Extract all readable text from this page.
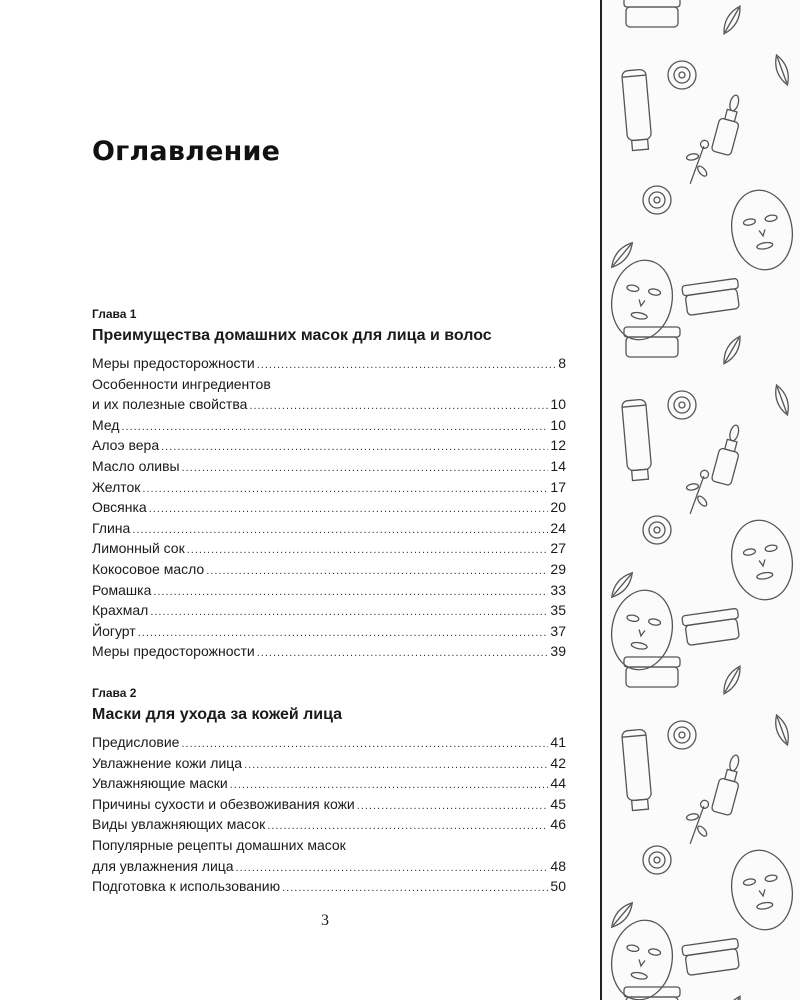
Оглавление
Глава 1
Преимущества домашних масок для лица и волос
Меры предосторожности .....	8
Особенности ингредиентов
и их полезные свойства .....	10
Мед .....	10
Алоэ вера .....	12
Масло оливы .....	14
Желток .....	17
Овсянка .....	20
Глина .....	24
Лимонный сок .....	27
Кокосовое масло .....	29
Ромашка .....	33
Крахмал .....	35
Йогурт .....	37
Меры предосторожности .....	39
Глава 2
Маски для ухода за кожей лица
Предисловие .....	41
Увлажнение кожи лица .....	42
Увлажняющие маски .....	44
Причины сухости и обезвоживания кожи .....	45
Виды увлажняющих масок .....	46
Популярные рецепты домашних масок
для увлажнения лица .....	48
Подготовка к использованию .....	50
3
